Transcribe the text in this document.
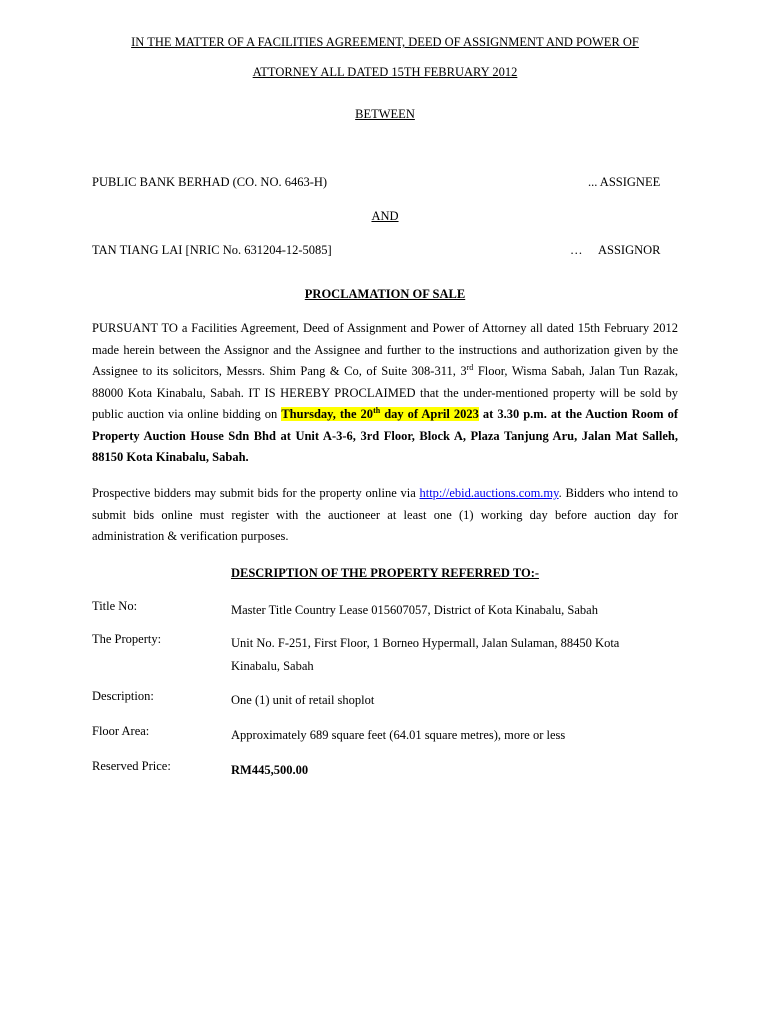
IN THE MATTER OF A FACILITIES AGREEMENT, DEED OF ASSIGNMENT AND POWER OF
ATTORNEY ALL DATED 15TH FEBRUARY 2012
BETWEEN
PUBLIC BANK BERHAD (CO. NO. 6463-H)	... ASSIGNEE
AND
TAN TIANG LAI [NRIC No. 631204-12-5085]	… ASSIGNOR
PROCLAMATION OF SALE
PURSUANT TO a Facilities Agreement, Deed of Assignment and Power of Attorney all dated 15th February 2012 made herein between the Assignor and the Assignee and further to the instructions and authorization given by the Assignee to its solicitors, Messrs. Shim Pang & Co, of Suite 308-311, 3rd Floor, Wisma Sabah, Jalan Tun Razak, 88000 Kota Kinabalu, Sabah. IT IS HEREBY PROCLAIMED that the under-mentioned property will be sold by public auction via online bidding on Thursday, the 20th day of April 2023 at 3.30 p.m. at the Auction Room of Property Auction House Sdn Bhd at Unit A-3-6, 3rd Floor, Block A, Plaza Tanjung Aru, Jalan Mat Salleh, 88150 Kota Kinabalu, Sabah.
Prospective bidders may submit bids for the property online via http://ebid.auctions.com.my. Bidders who intend to submit bids online must register with the auctioneer at least one (1) working day before auction day for administration & verification purposes.
DESCRIPTION OF THE PROPERTY REFERRED TO:-
Title No:	Master Title Country Lease 015607057, District of Kota Kinabalu, Sabah
The Property:	Unit No. F-251, First Floor, 1 Borneo Hypermall, Jalan Sulaman, 88450 Kota Kinabalu, Sabah
Description:	One (1) unit of retail shoplot
Floor Area:	Approximately 689 square feet (64.01 square metres), more or less
Reserved Price:	RM445,500.00
